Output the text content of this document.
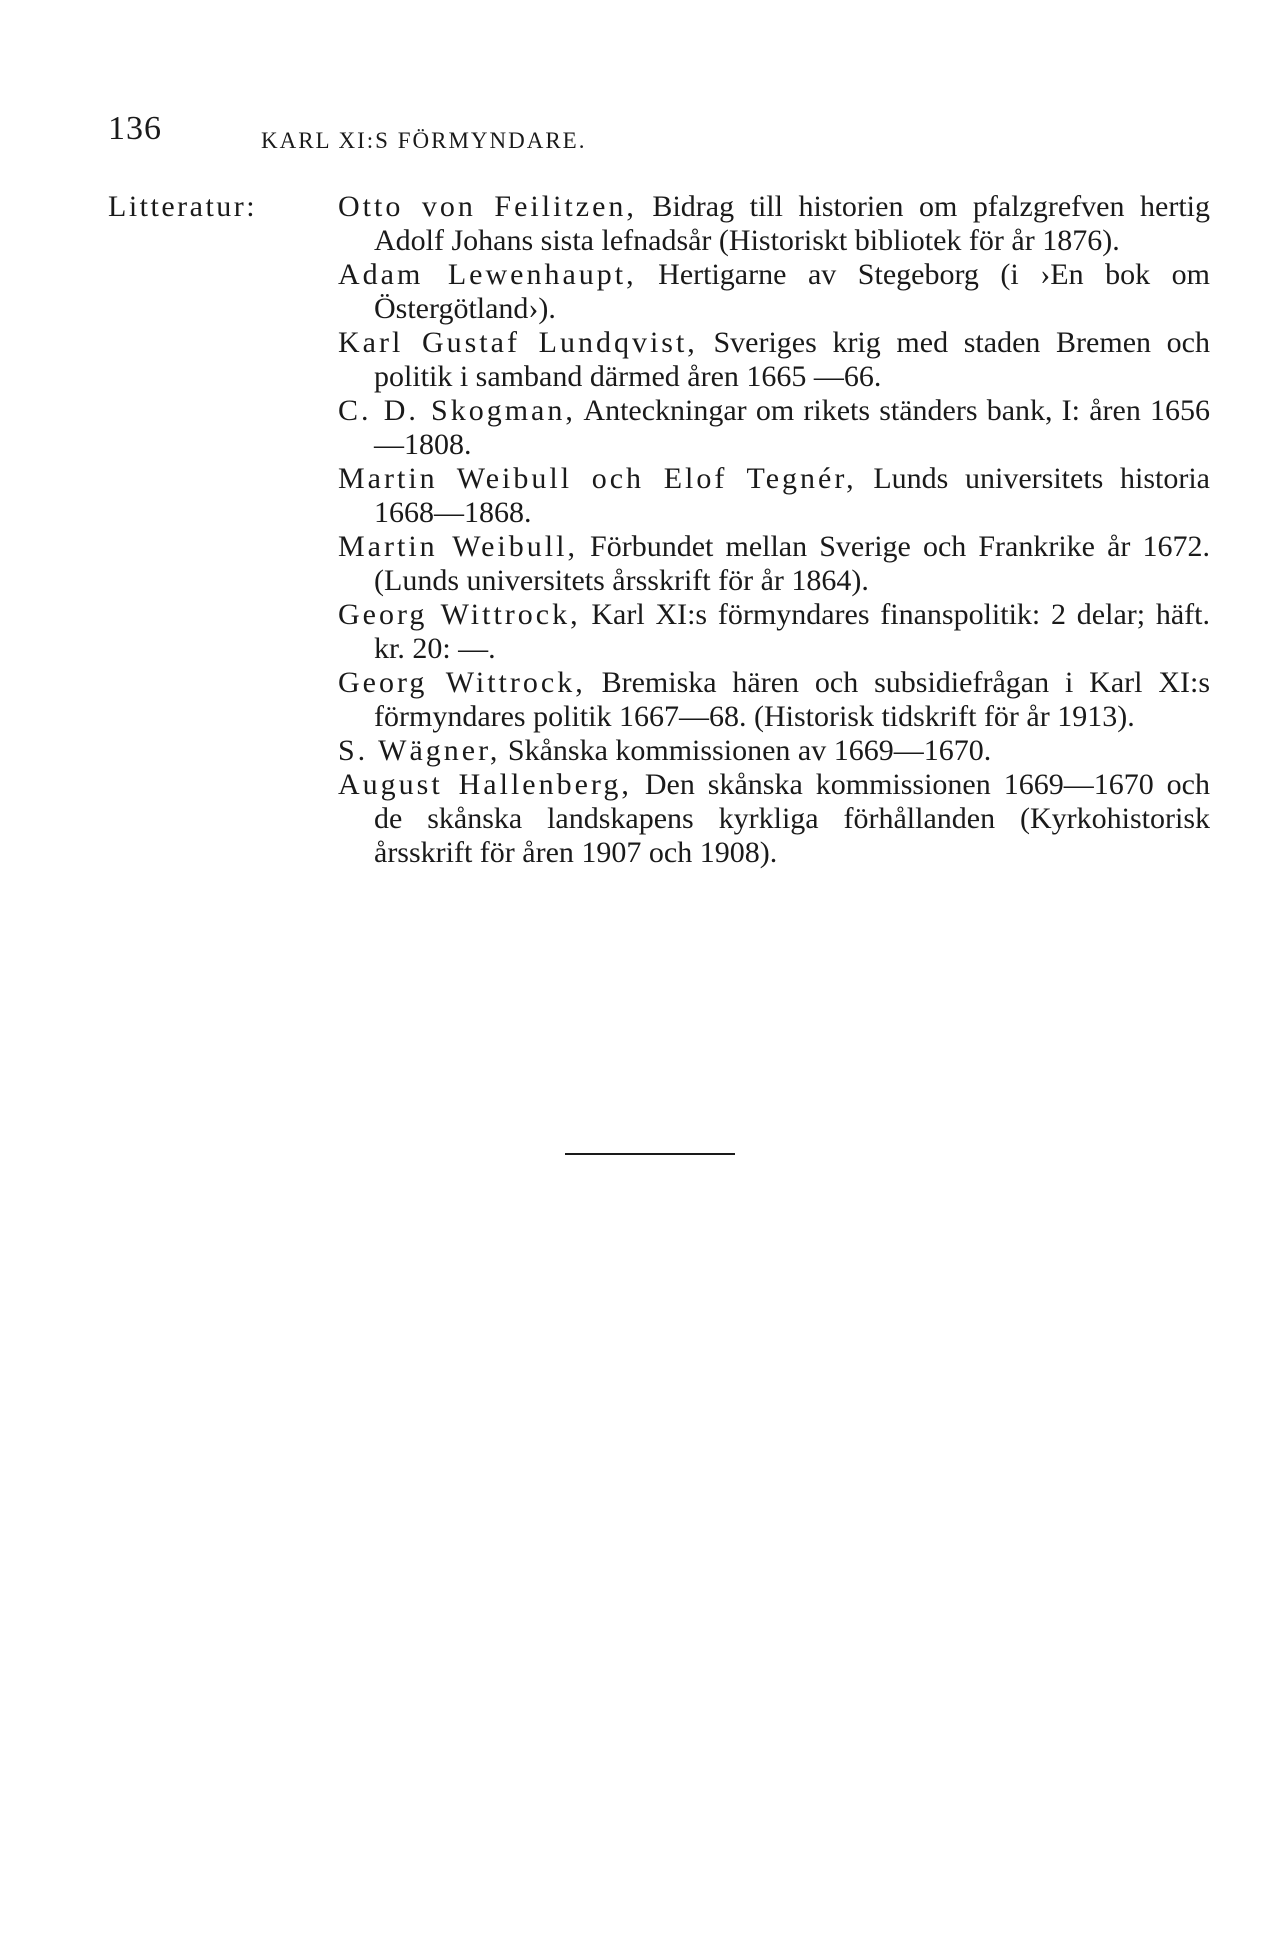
136	KARL XI:S FÖRMYNDARE.
Litteratur:	Otto von Feilitzen, Bidrag till historien om pfalzgrefven hertig Adolf Johans sista lefnadsår (Historiskt bibliotek för år 1876).
Adam Lewenhaupt, Hertigarne av Stegeborg (i ›En bok om Östergötland›).
Karl Gustaf Lundqvist, Sveriges krig med staden Bremen och politik i samband därmed åren 1665 —66.
C. D. Skogman, Anteckningar om rikets ständers bank, I: åren 1656—1808.
Martin Weibull och Elof Tegnér, Lunds universitets historia 1668—1868.
Martin Weibull, Förbundet mellan Sverige och Frankrike år 1672. (Lunds universitets årsskrift för år 1864).
Georg Wittrock, Karl XI:s förmyndares finanspolitik: 2 delar; häft. kr. 20: —.
Georg Wittrock, Bremiska hären och subsidiefrågan i Karl XI:s förmyndares politik 1667—68. (Historisk tidskrift för år 1913).
S. Wägner, Skånska kommissionen av 1669—1670.
August Hallenberg, Den skånska kommissionen 1669—1670 och de skånska landskapens kyrkliga förhållanden (Kyrkohistorisk årsskrift för åren 1907 och 1908).
